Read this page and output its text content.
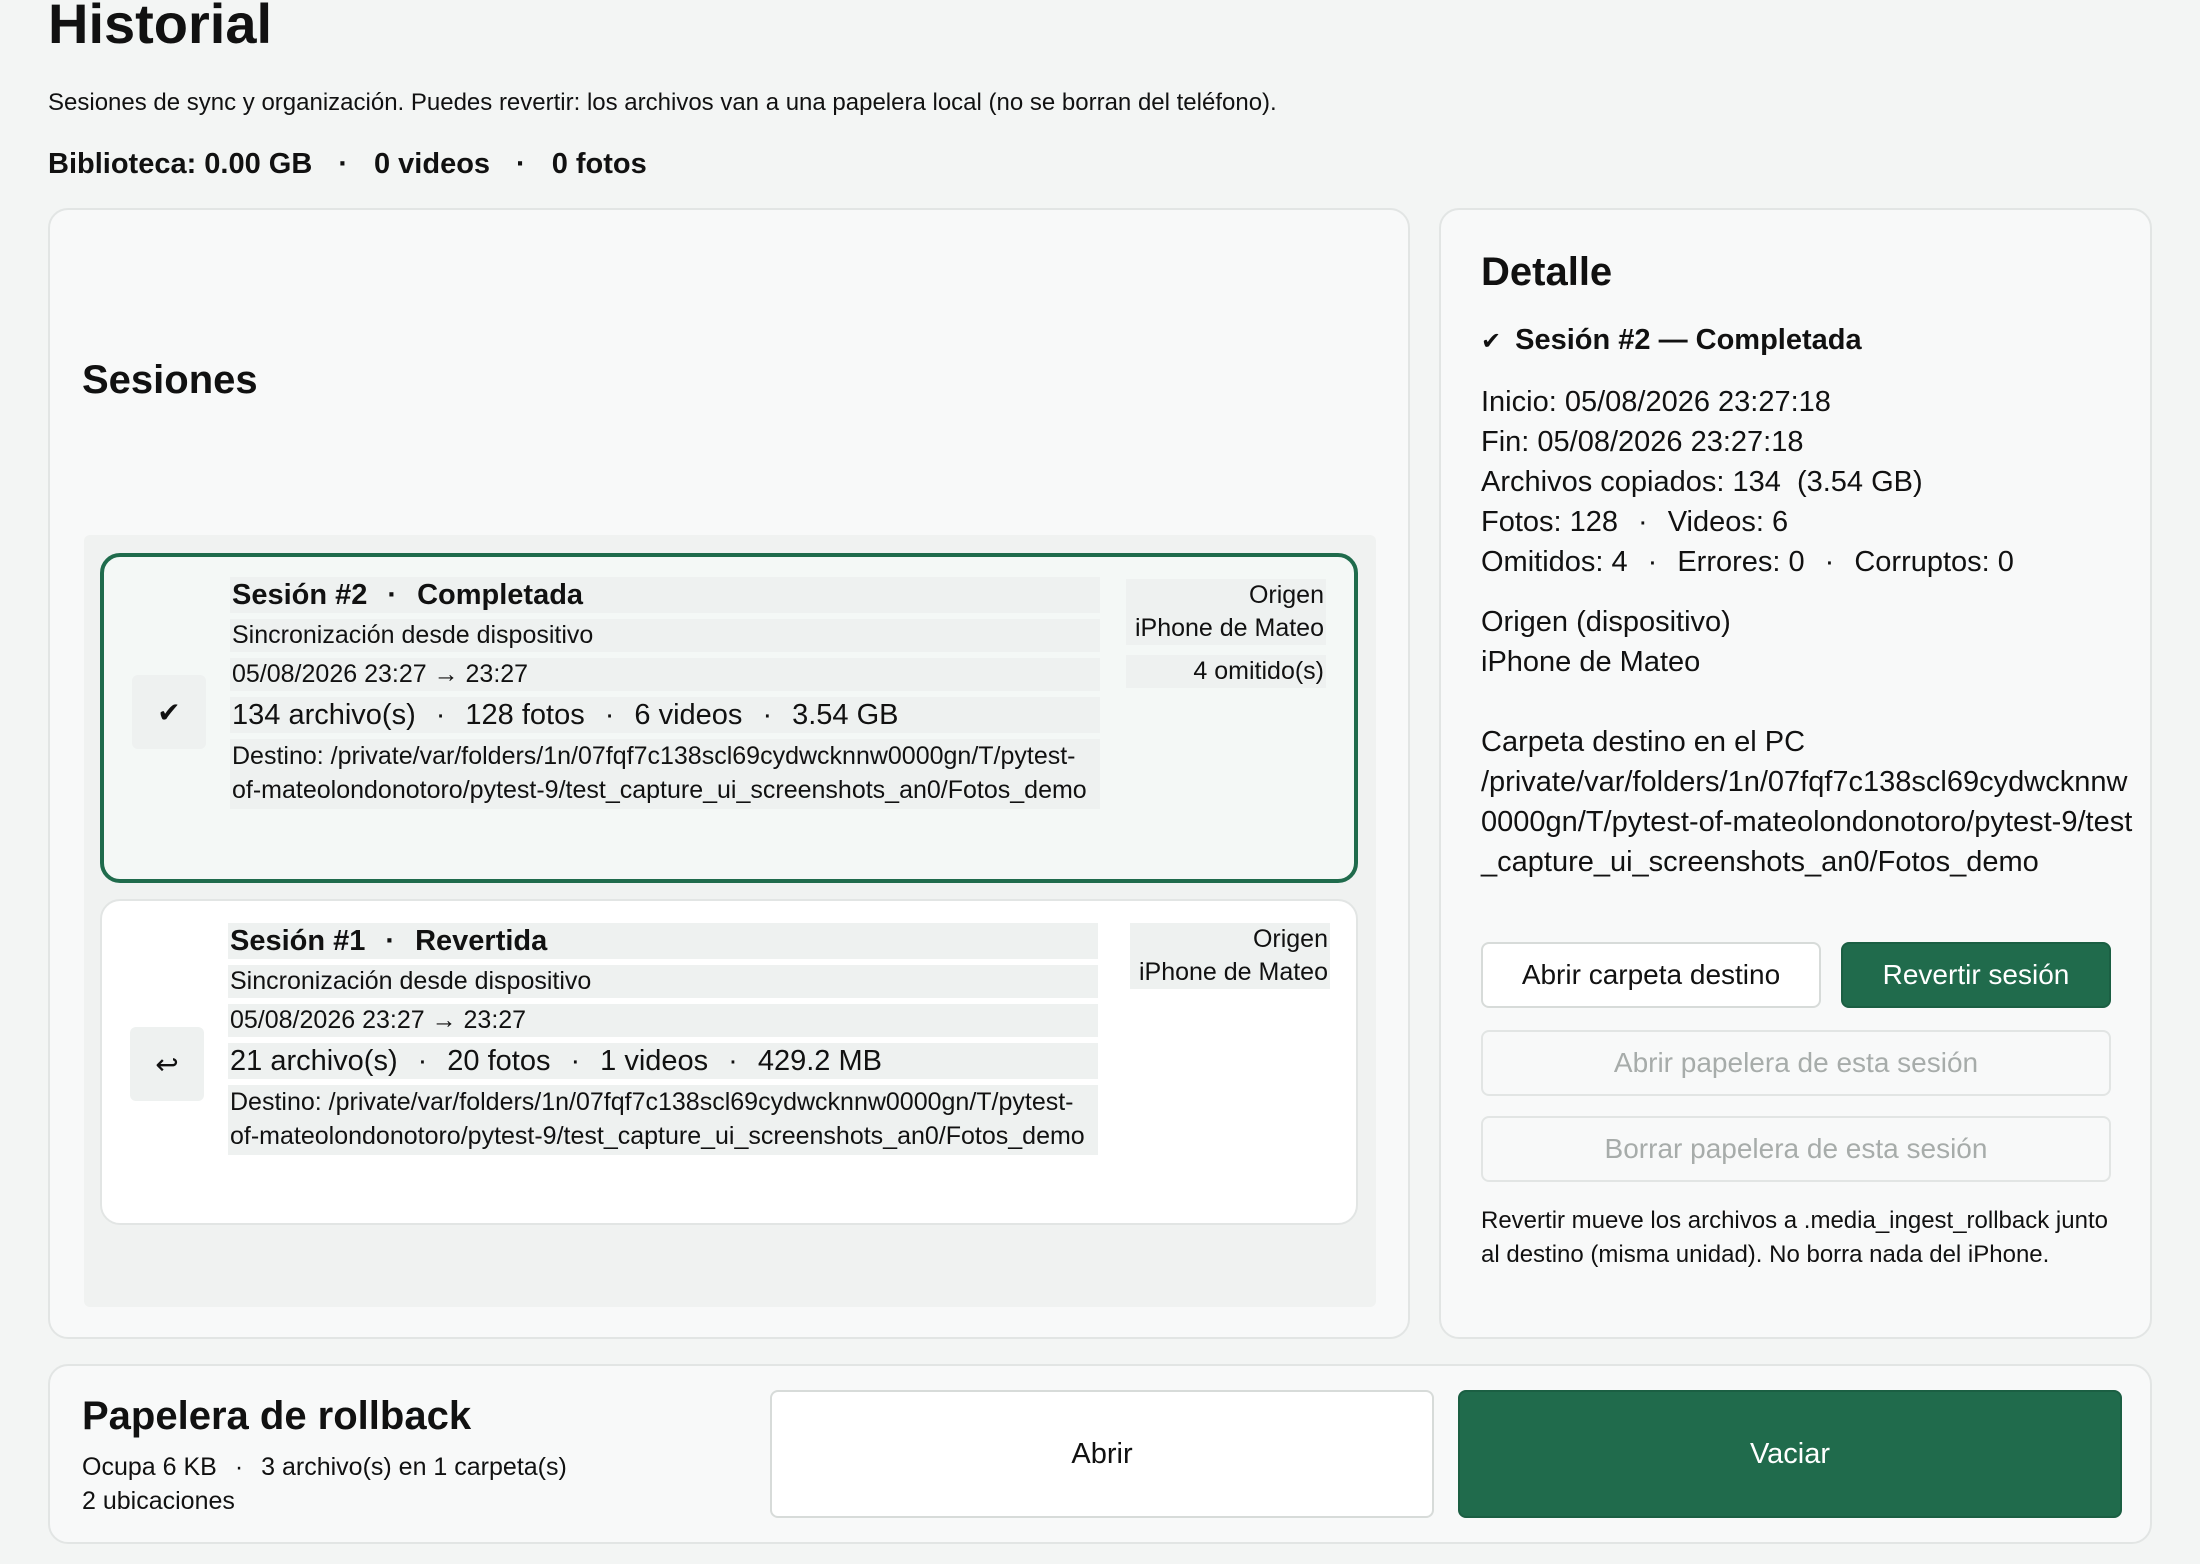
Historial
Sesiones de sync y organización. Puedes revertir: los archivos van a una papelera local (no se borran del teléfono).
Biblioteca: 0.00 GB · 0 videos · 0 fotos
Sesiones
✔
Sesión #2 · Completada
Sincronización desde dispositivo
05/08/2026 23:27 → 23:27
134 archivo(s) · 128 fotos · 6 videos · 3.54 GB
Destino: /private/var/folders/1n/07fqf7c138scl69cydwcknnw0000gn/T/pytest-of-mateolondonotoro/pytest-9/test_capture_ui_screenshots_an0/Fotos_demo
Origen
iPhone de Mateo
4 omitido(s)
↩
Sesión #1 · Revertida
Sincronización desde dispositivo
05/08/2026 23:27 → 23:27
21 archivo(s) · 20 fotos · 1 videos · 429.2 MB
Destino: /private/var/folders/1n/07fqf7c138scl69cydwcknnw0000gn/T/pytest-of-mateolondonotoro/pytest-9/test_capture_ui_screenshots_an0/Fotos_demo
Origen
iPhone de Mateo
Detalle
✔ Sesión #2 — Completada
Inicio: 05/08/2026 23:27:18
Fin: 05/08/2026 23:27:18
Archivos copiados: 134  (3.54 GB)
Fotos: 128 · Videos: 6
Omitidos: 4 · Errores: 0 · Corruptos: 0
Origen (dispositivo)
iPhone de Mateo
Carpeta destino en el PC
/private/var/folders/1n/07fqf7c138scl69cydwcknnw0000gn/T/pytest-of-mateolondonotoro/pytest-9/test_capture_ui_screenshots_an0/Fotos_demo
Abrir carpeta destino	Revertir sesión
Abrir papelera de esta sesión
Borrar papelera de esta sesión
Revertir mueve los archivos a .media_ingest_rollback junto al destino (misma unidad). No borra nada del iPhone.
Papelera de rollback
Ocupa 6 KB · 3 archivo(s) en 1 carpeta(s)
2 ubicaciones
Abrir	Vaciar
